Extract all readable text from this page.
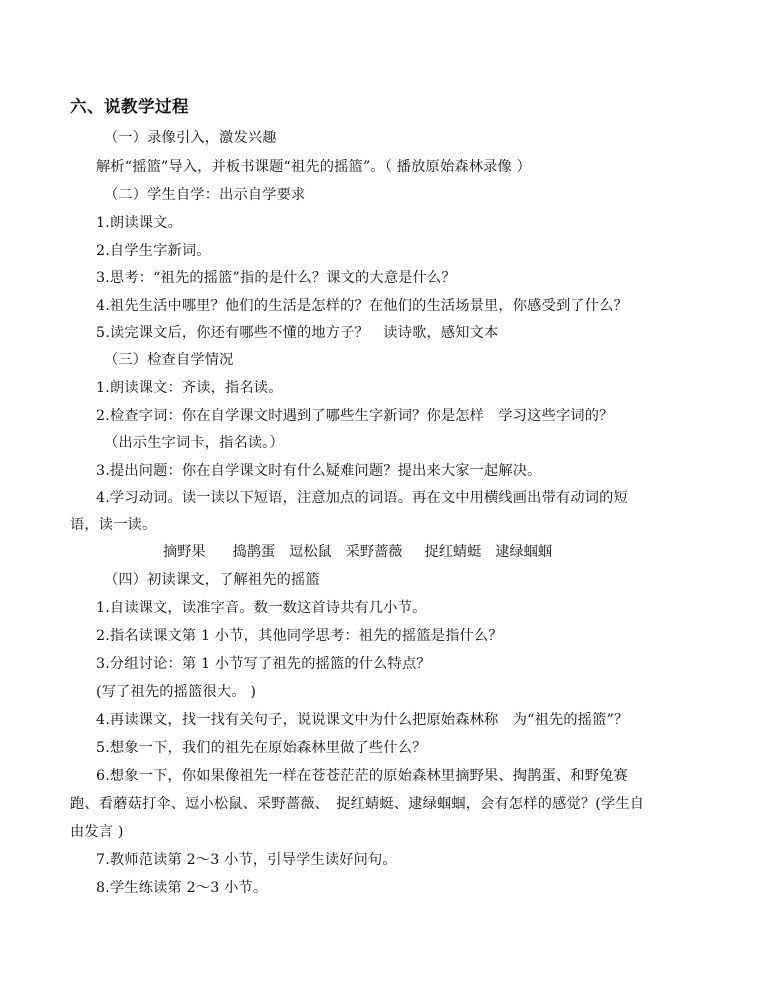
六、说教学过程
（一）录像引入，激发兴趣
解析“摇篮”导入，并板书课题“祖先的摇篮”。（ 播放原始森林录像 ）
（二）学生自学：出示自学要求
1.朗读课文。
2.自学生字新词。
3.思考：“祖先的摇篮”指的是什么？课文的大意是什么？
4.祖先生活中哪里？他们的生活是怎样的？在他们的生活场景里，你感受到了什么？
5.读完课文后，你还有哪些不懂的地方子？　读诗歌，感知文本
（三）检查自学情况
1.朗读课文：齐读，指名读。
2.检查字词：你在自学课文时遇到了哪些生字新词？你是怎样　学习这些字词的？
（出示生字词卡，指名读。）
3.提出问题：你在自学课文时有什么疑难问题？提出来大家一起解决。
4.学习动词。读一读以下短语，注意加点的词语。再在文中用横线画出带有动词的短
语，读一读。
摘野果 捣鹊蛋 逗松鼠 采野蔷薇 捉红蜻蜓 逮绿蝈蝈
（四）初读课文，了解祖先的摇篮
1.自读课文，读准字音。数一数这首诗共有几小节。
2.指名读课文第 1 小节，其他同学思考：祖先的摇篮是指什么？
3.分组讨论：第 1 小节写了祖先的摇篮的什么特点？
(写了祖先的摇篮很大。 )
4.再读课文，找一找有关句子，说说课文中为什么把原始森林称　为“祖先的摇篮”？
5.想象一下，我们的祖先在原始森林里做了些什么？
6.想象一下，你如果像祖先一样在苍苍茫茫的原始森林里摘野果、掏鹊蛋、和野兔赛
跑、看蘑菇打伞、逗小松鼠、采野蔷薇、　捉红蜻蜓、逮绿蝈蝈，会有怎样的感觉？(学生自
由发言 )
7.教师范读第 2～3 小节，引导学生读好问句。
8.学生练读第 2～3 小节。
